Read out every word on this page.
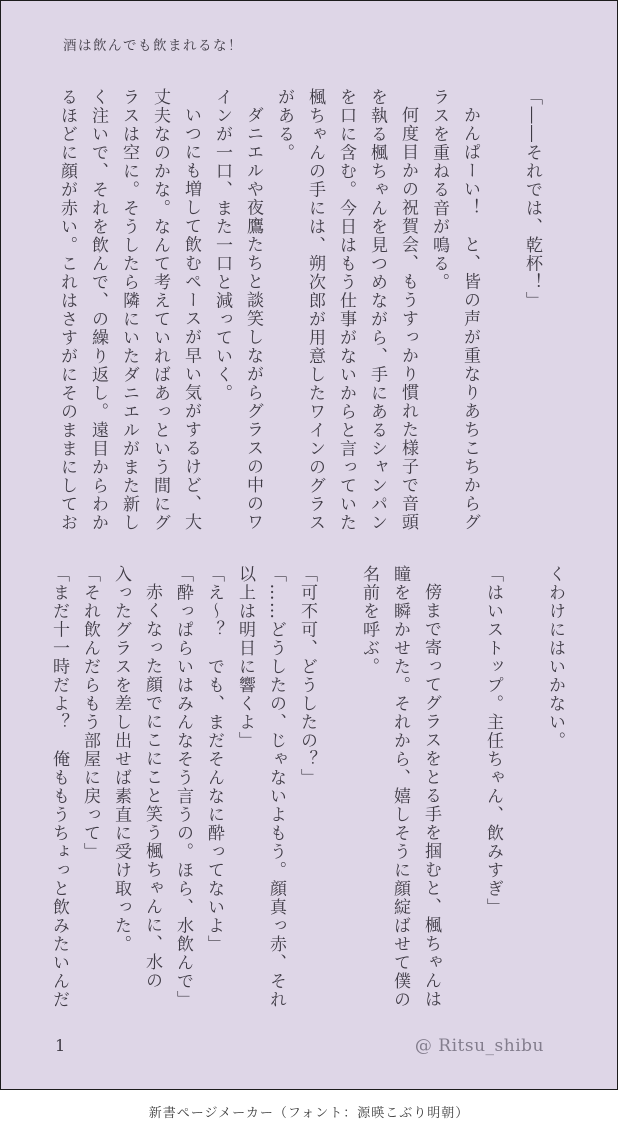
酒は飲んでも飲まれるな！

「――それでは、乾杯！」

かんぱーい！　と、皆の声が重なりあちこちからグ

ラスを重ねる音が鳴る。

何度目かの祝賀会、もうすっかり慣れた様子で音頭

を執る楓ちゃんを見つめながら、手にあるシャンパン

を口に含む。今日はもう仕事がないからと言っていた

楓ちゃんの手には、朔次郎が用意したワインのグラス

がある。

ダニエルや夜鷹たちと談笑しながらグラスの中のワ

インが一口、また一口と減っていく。

いつにも増して飲むペースが早い気がするけど、大

丈夫なのかな。なんて考えていればあっという間にグ

ラスは空に。そうしたら隣にいたダニエルがまた新し

く注いで、それを飲んで、の繰り返し。遠目からわか

るほどに顔が赤い。これはさすがにそのままにしてお

くわけにはいかない。

「はいストップ。主任ちゃん、飲みすぎ」

傍まで寄ってグラスをとる手を掴むと、楓ちゃんは

瞳を瞬かせた。それから、嬉しそうに顔綻ばせて僕の

名前を呼ぶ。

「可不可、どうしたの？」

「……どうしたの、じゃないよもう。顔真っ赤、それ

以上は明日に響くよ」

「え〜？　でも、まだそんなに酔ってないよ」

「酔っぱらいはみんなそう言うの。ほら、水飲んで」

赤くなった顔でにこにこと笑う楓ちゃんに、水の

入ったグラスを差し出せば素直に受け取った。

「それ飲んだらもう部屋に戻って」

「まだ十一時だよ？　俺ももうちょっと飲みたいんだ

1	@ Ritsu_shibu
新書ページメーカー（フォント：源暎こぶり明朝）
